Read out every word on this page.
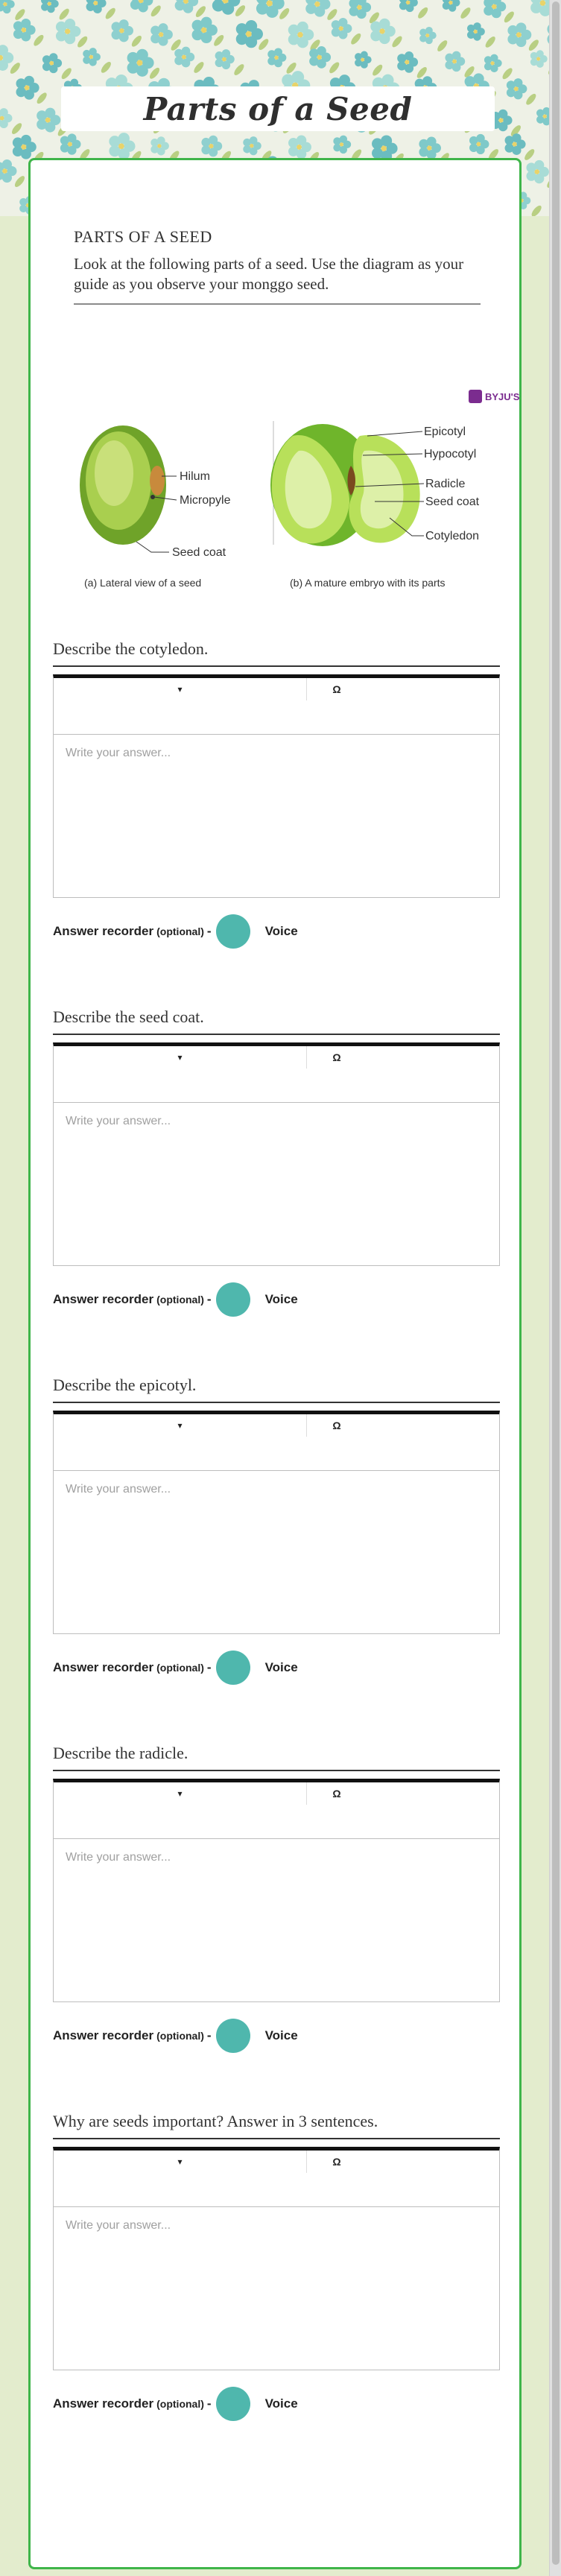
Parts of a Seed
PARTS OF A SEED
Look at the following parts of a seed. Use the diagram as your guide as you observe your monggo seed.
BYJU'S
Hilum
Micropyle
Seed coat
Epicotyl
Hypocotyl
Radicle
Seed coat
Cotyledon
(a) Lateral view of a seed	(b) A mature embryo with its parts
Describe the cotyledon.
▾	Ω
Write your answer...
Answer recorder (optional) -	Voice
Describe the seed coat.
▾	Ω
Write your answer...
Answer recorder (optional) -	Voice
Describe the epicotyl.
▾	Ω
Write your answer...
Answer recorder (optional) -	Voice
Describe the radicle.
▾	Ω
Write your answer...
Answer recorder (optional) -	Voice
Why are seeds important? Answer in 3 sentences.
▾	Ω
Write your answer...
Answer recorder (optional) -	Voice
